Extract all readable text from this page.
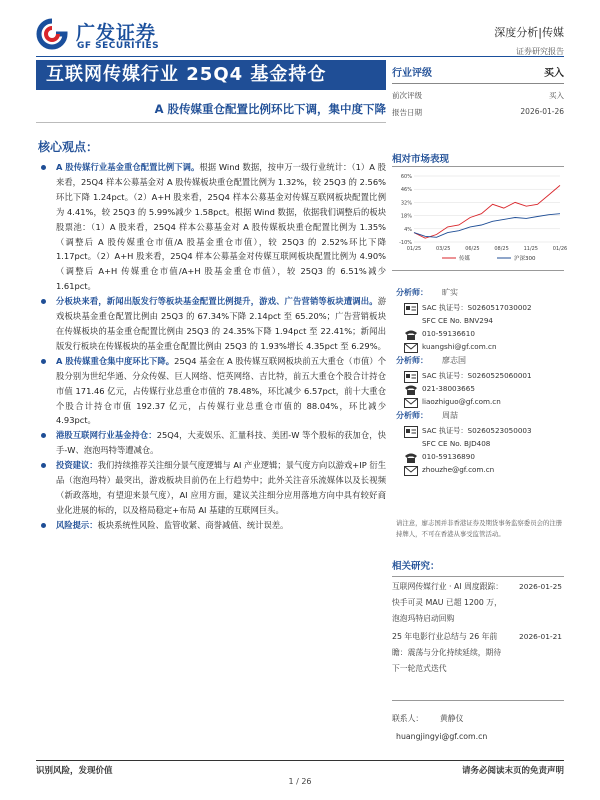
广发证券
GF SECURITIES
深度分析|传媒
证券研究报告
互联网传媒行业 25Q4 基金持仓
A 股传媒重仓配置比例环比下调，集中度下降
行业评级	买入
前次评级	买入
报告日期	2026-01-26
核心观点：
A 股传媒行业基金重仓配置比例下调。根据 Wind 数据，按申万一级行业统计：（1）A 股来看，25Q4 样本公募基金对 A 股传媒板块重仓配置比例为 1.32%，较 25Q3 的 2.56%环比下降 1.24pct。（2）A+H 股来看，25Q4 样本公募基金对传媒互联网板块配置比例为 4.41%，较 25Q3 的 5.99%减少 1.58pct。根据 Wind 数据，依据我们调整后的板块股票池：（1）A 股来看，25Q4 样本公募基金对 A 股传媒板块重仓配置比例为 1.35%（调整后 A 股传媒重仓市值/A 股基金重仓市值），较 25Q3 的 2.52%环比下降 1.17pct。（2）A+H 股来看，25Q4 样本公募基金对传媒互联网板块配置比例为 4.90%（调整后 A+H 传媒重仓市值/A+H 股基金重仓市值），较 25Q3 的 6.51%减少 1.61pct。
分板块来看，新闻出版发行等板块基金配置比例提升，游戏、广告营销等板块遭调出。游戏板块基金重仓配置比例由 25Q3 的 67.34%下降 2.14pct 至 65.20%；广告营销板块在传媒板块的基金重仓配置比例由 25Q3 的 24.35%下降 1.94pct 至 22.41%；新闻出版发行板块在传媒板块的基金重仓配置比例由 25Q3 的 1.93%增长 4.35pct 至 6.29%。
A 股传媒重仓集中度环比下降。25Q4 基金在 A 股传媒互联网板块前五大重仓（市值）个股分别为世纪华通、分众传媒、巨人网络、恺英网络、吉比特，前五大重仓个股合计持仓市值 171.46 亿元，占传媒行业总重仓市值的 78.48%，环比减少 6.57pct，前十大重仓个股合计持仓市值 192.37 亿元，占传媒行业总重仓市值的 88.04%，环比减少 4.93pct。
港股互联网行业基金持仓：25Q4，大麦娱乐、汇量科技、美团-W 等个股标的获加仓，快手-W、泡泡玛特等遭减仓。
投资建议：我们持续推荐关注细分景气度逻辑与 AI 产业逻辑；景气度方向以游戏+IP 衍生品（泡泡玛特）最突出，游戏板块目前仍在上行趋势中；此外关注音乐流媒体以及长视频（新政落地，有望迎来景气度），AI 应用方面，建议关注细分应用落地方向中具有较好商业化进展的标的，以及格局稳定+布局 AI 基建的互联网巨头。
风险提示：板块系统性风险、监管收紧、商誉减值、统计误差。
相对市场表现
60%
46%
32%
18%
4%
-10%
01/25	03/25	06/25	08/25	11/25	01/26
传媒	沪深300
分析师： 旷实
SAC 执证号：S0260517030002
SFC CE No. BNV294
010-59136610
kuangshi@gf.com.cn
分析师： 廖志国
SAC 执证号：S0260525060001
021-38003665
liaozhiguo@gf.com.cn
分析师： 周喆
SAC 执证号：S0260523050003
SFC CE No. BJD408
010-59136890
zhouzhe@gf.com.cn
请注意，廖志国并非香港证券及期货事务监察委员会的注册持牌人，不可在香港从事受监管活动。
相关研究：
互联网传媒行业 · AI 周度跟踪：快手可灵 MAU 已超 1200 万，泡泡玛特启动回购
2026-01-25
25 年电影行业总结与 26 年前瞻：震荡与分化持续延续，期待下一轮范式迭代
2026-01-21
联系人：	黄静仪
huangjingyi@gf.com.cn
识别风险，发现价值	请务必阅读末页的免责声明
1 / 26
